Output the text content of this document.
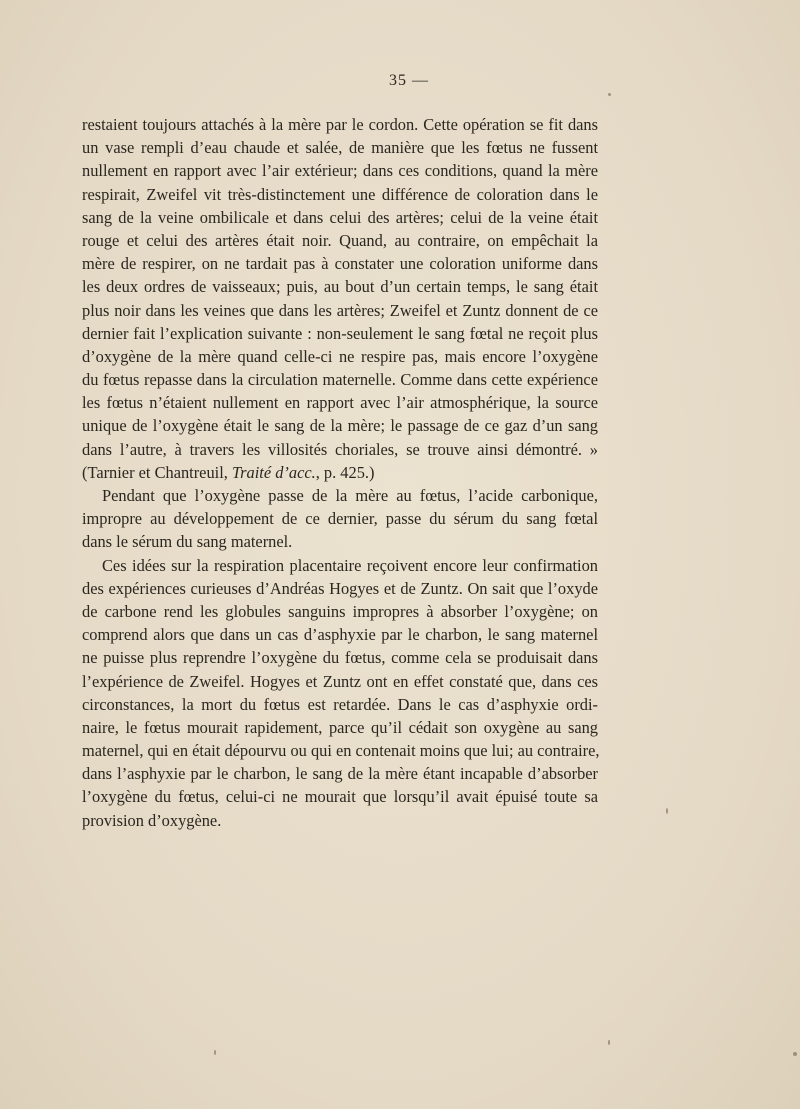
35 —
restaient toujours attachés à la mère par le cordon. Cette opération se fit dans
un vase rempli d’eau chaude et salée, de manière que les fœtus ne fussent
nullement en rapport avec l’air extérieur; dans ces conditions, quand la mère
respirait, Zweifel vit très-distinctement une différence de coloration dans le
sang de la veine ombilicale et dans celui des artères; celui de la veine était
rouge et celui des artères était noir. Quand, au contraire, on empêchait la
mère de respirer, on ne tardait pas à constater une coloration uniforme dans
les deux ordres de vaisseaux; puis, au bout d’un certain temps, le sang était
plus noir dans les veines que dans les artères; Zweifel et Zuntz donnent de ce
dernier fait l’explication suivante : non-seulement le sang fœtal ne reçoit plus
d’oxygène de la mère quand celle-ci ne respire pas, mais encore l’oxygène
du fœtus repasse dans la circulation maternelle. Comme dans cette expérience
les fœtus n’étaient nullement en rapport avec l’air atmosphérique, la source
unique de l’oxygène était le sang de la mère; le passage de ce gaz d’un sang
dans l’autre, à travers les villosités choriales, se trouve ainsi démontré. »
(Tarnier et Chantreuil, Traité d’acc., p. 425.)
Pendant que l’oxygène passe de la mère au fœtus, l’acide carbonique,
impropre au développement de ce dernier, passe du sérum du sang fœtal
dans le sérum du sang maternel.
Ces idées sur la respiration placentaire reçoivent encore leur confirmation
des expériences curieuses d’Andréas Hogyes et de Zuntz. On sait que l’oxyde
de carbone rend les globules sanguins impropres à absorber l’oxygène; on
comprend alors que dans un cas d’asphyxie par le charbon, le sang maternel
ne puisse plus reprendre l’oxygène du fœtus, comme cela se produisait dans
l’expérience de Zweifel. Hogyes et Zuntz ont en effet constaté que, dans ces
circonstances, la mort du fœtus est retardée. Dans le cas d’asphyxie ordi-
naire, le fœtus mourait rapidement, parce qu’il cédait son oxygène au sang
maternel, qui en était dépourvu ou qui en contenait moins que lui; au contraire,
dans l’asphyxie par le charbon, le sang de la mère étant incapable d’absorber
l’oxygène du fœtus, celui-ci ne mourait que lorsqu’il avait épuisé toute sa
provision d’oxygène.
